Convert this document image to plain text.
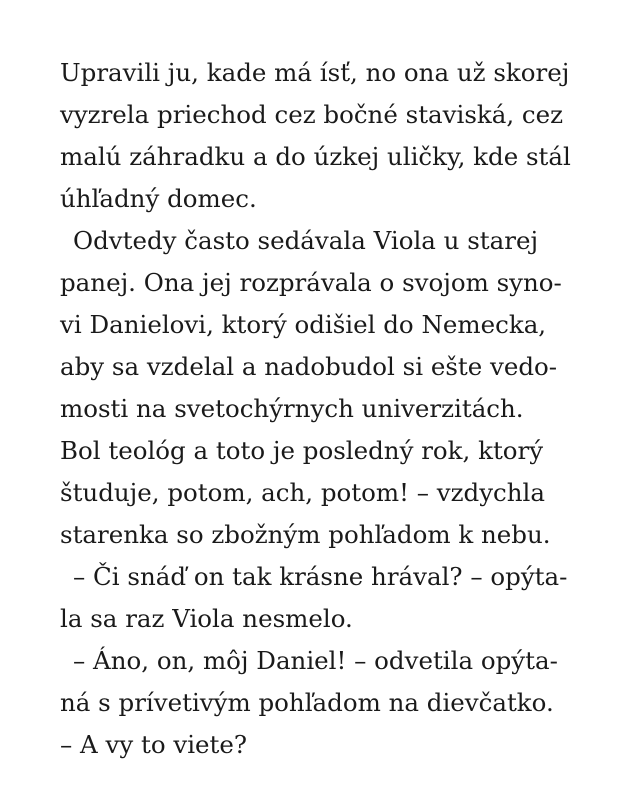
Upravili ju, kade má ísť, no ona už skorej
vyzrela priechod cez bočné staviská, cez
malú záhradku a do úzkej uličky, kde stál
úhľadný domec.
Odvtedy často sedávala Viola u starej
panej. Ona jej rozprávala o svojom syno-
vi Danielovi, ktorý odišiel do Nemecka,
aby sa vzdelal a nadobudol si ešte vedo-
mosti na svetochýrnych univerzitách.
Bol teológ a toto je posledný rok, ktorý
študuje, potom, ach, potom! – vzdychla
starenka so zbožným pohľadom k nebu.
– Či snáď on tak krásne hrával? – opýta-
la sa raz Viola nesmelo.
– Áno, on, môj Daniel! – odvetila opýta-
ná s prívetivým pohľadom na dievčatko.
– A vy to viete?
